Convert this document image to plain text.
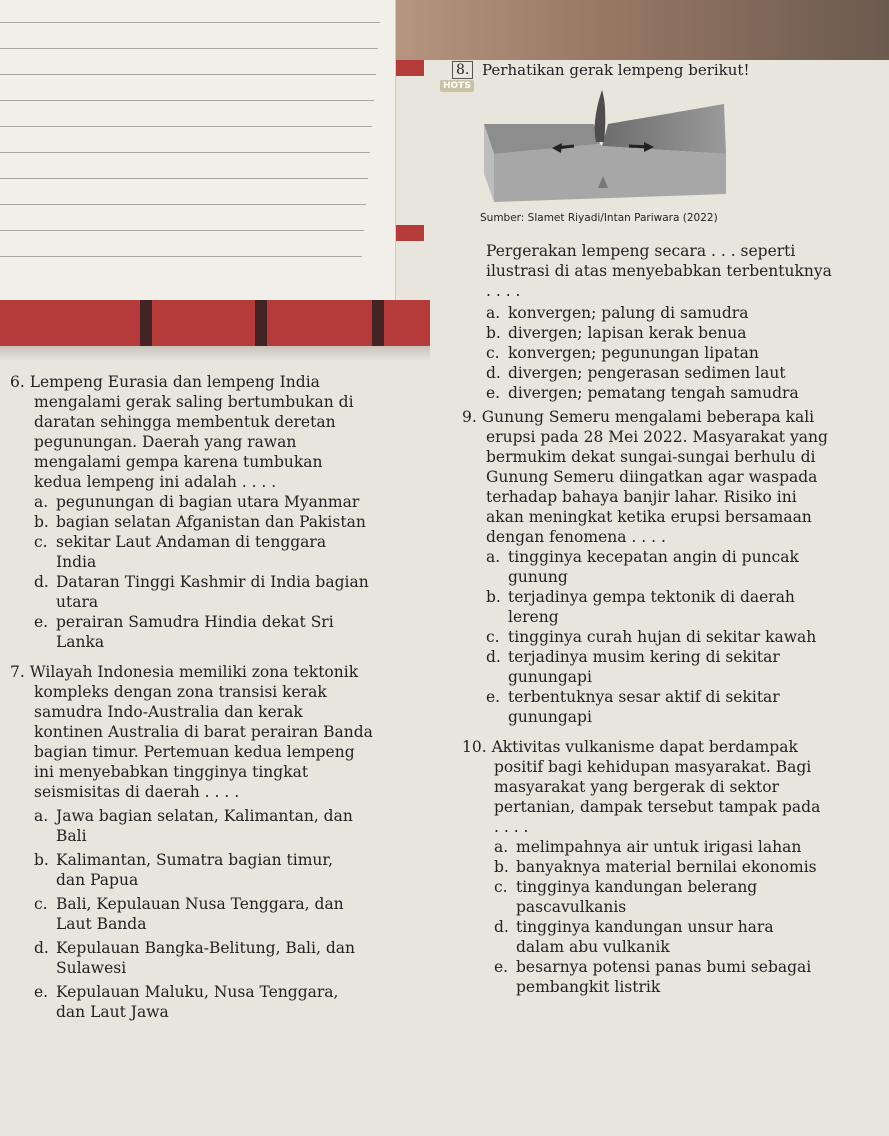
8. Perhatikan gerak lempeng berikut!
HOTS
Sumber: Slamet Riyadi/Intan Pariwara (2022)

Pergerakan lempeng secara . . . seperti

ilustrasi di atas menyebabkan terbentuknya

. . . .

a. konvergen; palung di samudra
b. divergen; lapisan kerak benua
c. konvergen; pegunungan lipatan
d. divergen; pengerasan sedimen laut
e. divergen; pematang tengah samudra

9. Gunung Semeru mengalami beberapa kali

erupsi pada 28 Mei 2022. Masyarakat yang

bermukim dekat sungai-sungai berhulu di

Gunung Semeru diingatkan agar waspada

terhadap bahaya banjir lahar. Risiko ini

akan meningkat ketika erupsi bersamaan

dengan fenomena . . . .

a. tingginya kecepatan angin di puncak
gunung
b. terjadinya gempa tektonik di daerah
lereng
c. tingginya curah hujan di sekitar kawah
d. terjadinya musim kering di sekitar
gunungapi
e. terbentuknya sesar aktif di sekitar
gunungapi

10. Aktivitas vulkanisme dapat berdampak

positif bagi kehidupan masyarakat. Bagi

masyarakat yang bergerak di sektor

pertanian, dampak tersebut tampak pada

. . . .

a. melimpahnya air untuk irigasi lahan
b. banyaknya material bernilai ekonomis
c. tingginya kandungan belerang
pascavulkanis
d. tingginya kandungan unsur hara
dalam abu vulkanik
e. besarnya potensi panas bumi sebagai
pembangkit listrik

6. Lempeng Eurasia dan lempeng India

mengalami gerak saling bertumbukan di

daratan sehingga membentuk deretan

pegunungan. Daerah yang rawan

mengalami gempa karena tumbukan

kedua lempeng ini adalah . . . .

a. pegunungan di bagian utara Myanmar
b. bagian selatan Afganistan dan Pakistan
c. sekitar Laut Andaman di tenggara
India
d. Dataran Tinggi Kashmir di India bagian
utara
e. perairan Samudra Hindia dekat Sri
Lanka

7. Wilayah Indonesia memiliki zona tektonik

kompleks dengan zona transisi kerak

samudra Indo-Australia dan kerak

kontinen Australia di barat perairan Banda

bagian timur. Pertemuan kedua lempeng

ini menyebabkan tingginya tingkat

seismisitas di daerah . . . .

a. Jawa bagian selatan, Kalimantan, dan
Bali
b. Kalimantan, Sumatra bagian timur,
dan Papua
c. Bali, Kepulauan Nusa Tenggara, dan
Laut Banda
d. Kepulauan Bangka-Belitung, Bali, dan
Sulawesi
e. Kepulauan Maluku, Nusa Tenggara,
dan Laut Jawa
